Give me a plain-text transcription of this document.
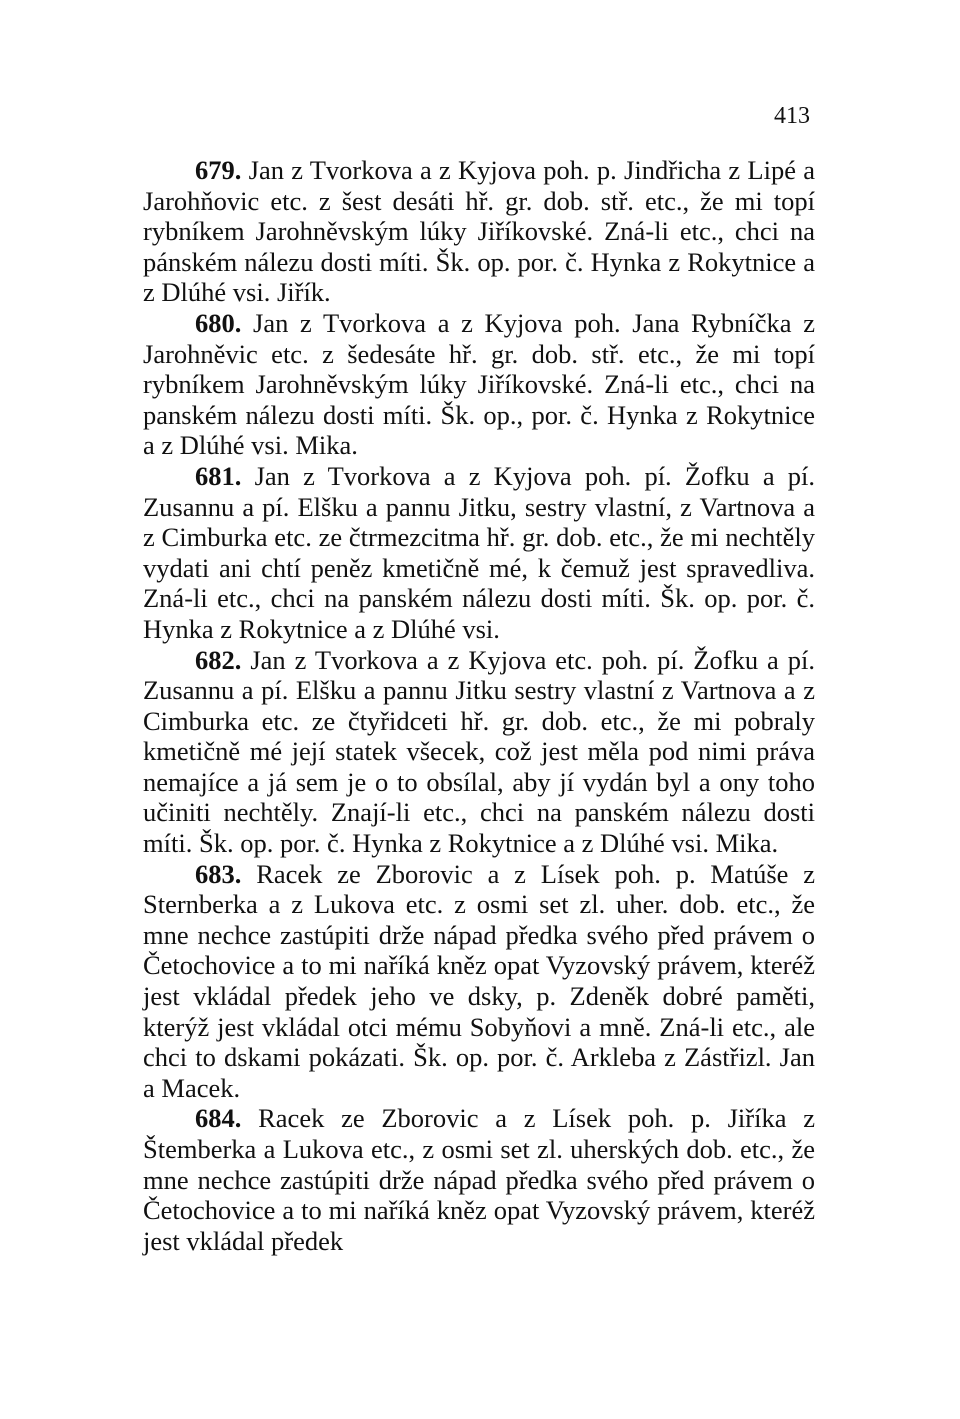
413

679. Jan z Tvorkova a z Kyjova poh. p. Jindřicha z Lipé a Jarohňovic etc. z šest desáti hř. gr. dob. stř. etc., že mi topí rybníkem Jarohněvským lúky Jiříkovské. Zná-li etc., chci na pánském nálezu dosti míti. Šk. op. por. č. Hynka z Rokytnice a z Dlúhé vsi. Jiřík.

680. Jan z Tvorkova a z Kyjova poh. Jana Rybníčka z Jarohněvic etc. z šedesáte hř. gr. dob. stř. etc., že mi topí rybníkem Jarohněvským lúky Jiříkovské. Zná-li etc., chci na panském nálezu dosti míti. Šk. op., por. č. Hynka z Rokytnice a z Dlúhé vsi. Mika.

681. Jan z Tvorkova a z Kyjova poh. pí. Žofku a pí. Zusannu a pí. Elšku a pannu Jitku, sestry vlastní, z Vartnova a z Cimburka etc. ze čtrmezcitma hř. gr. dob. etc., že mi nechtěly vydati ani chtí peněz kmetičně mé, k čemuž jest spravedliva. Zná-li etc., chci na panském nálezu dosti míti. Šk. op. por. č. Hynka z Rokytnice a z Dlúhé vsi.

682. Jan z Tvorkova a z Kyjova etc. poh. pí. Žofku a pí. Zusannu a pí. Elšku a pannu Jitku sestry vlastní z Vartnova a z Cimburka etc. ze čtyřidceti hř. gr. dob. etc., že mi pobraly kmetičně mé její statek všecek, což jest měla pod nimi práva nemajíce a já sem je o to obsílal, aby jí vydán byl a ony toho učiniti nechtěly. Znají-li etc., chci na panském nálezu dosti míti. Šk. op. por. č. Hynka z Rokytnice a z Dlúhé vsi. Mika.

683. Racek ze Zborovic a z Lísek poh. p. Matúše z Sternberka a z Lukova etc. z osmi set zl. uher. dob. etc., že mne nechce zastúpiti drže nápad předka svého před právem o Četochovice a to mi naříká kněz opat Vyzovský právem, kteréž jest vkládal předek jeho ve dsky, p. Zdeněk dobré paměti, kterýž jest vkládal otci mému Sobyňovi a mně. Zná-li etc., ale chci to dskami pokázati. Šk. op. por. č. Arkleba z Zástřizl. Jan a Macek.

684. Racek ze Zborovic a z Lísek poh. p. Jiříka z Štemberka a Lukova etc., z osmi set zl. uherských dob. etc., že mne nechce zastúpiti drže nápad předka svého před právem o Četochovice a to mi naříká kněz opat Vyzovský právem, kteréž jest vkládal předek
